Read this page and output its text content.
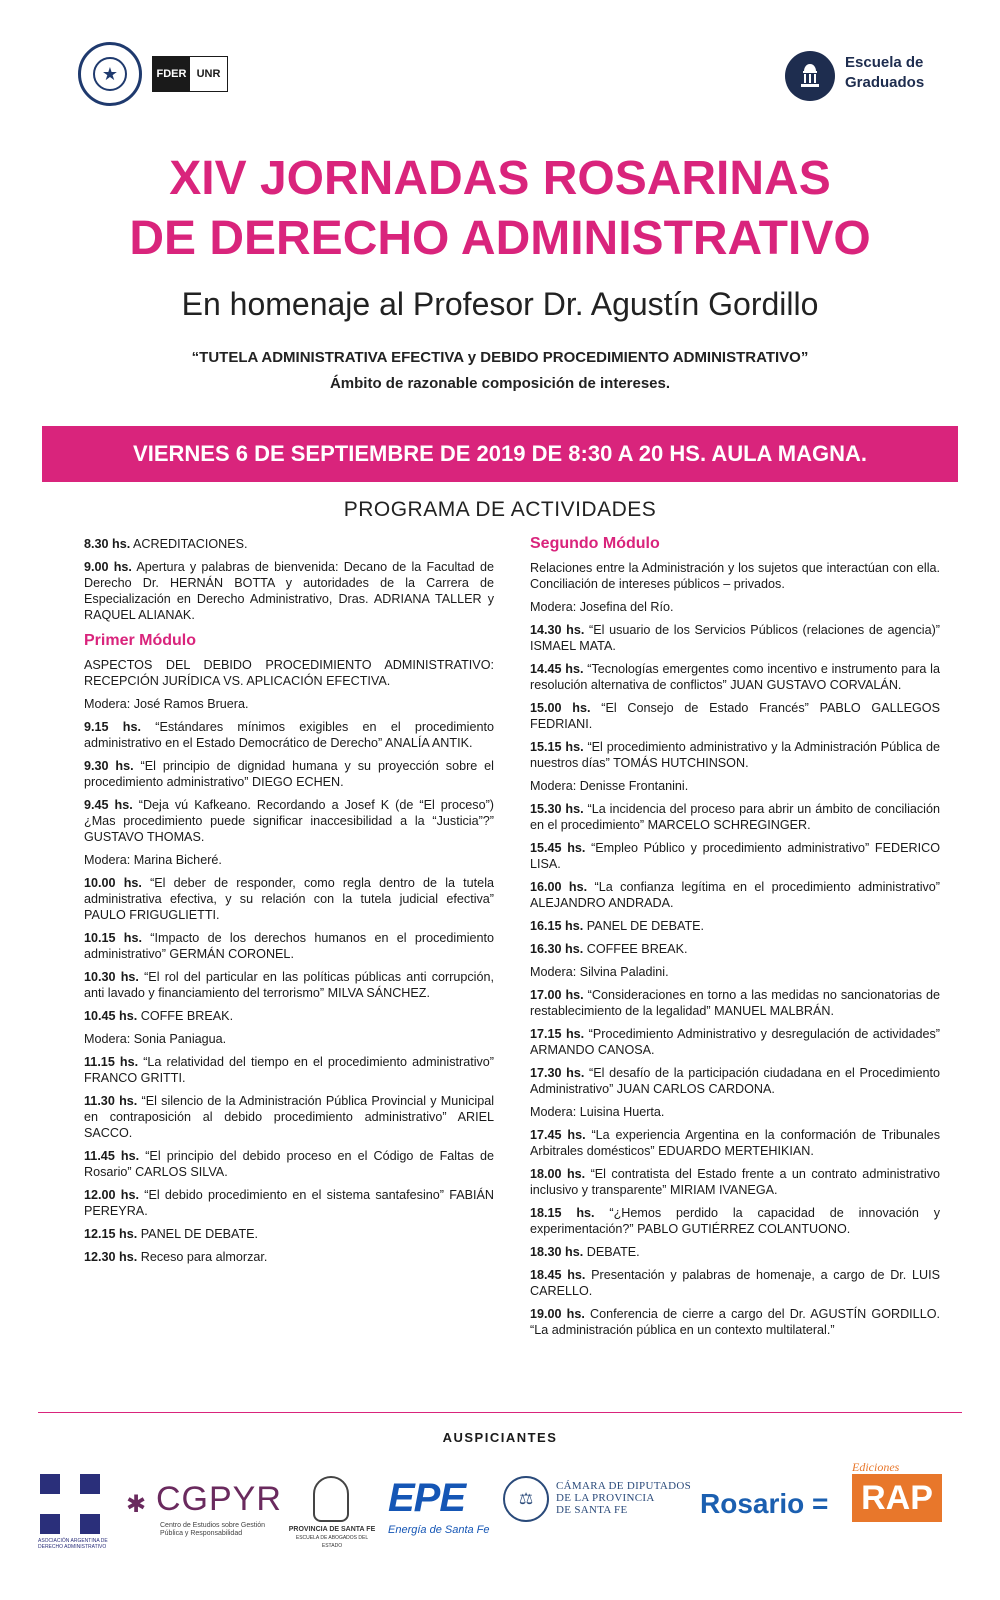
★	FDER UNR
Escuela de
Graduados
XIV JORNADAS ROSARINAS
DE DERECHO ADMINISTRATIVO
En homenaje al Profesor Dr. Agustín Gordillo
“TUTELA ADMINISTRATIVA EFECTIVA y DEBIDO PROCEDIMIENTO ADMINISTRATIVO”
Ámbito de razonable composición de intereses.
VIERNES 6 DE SEPTIEMBRE DE 2019 DE 8:30 A 20 HS. AULA MAGNA.
PROGRAMA DE ACTIVIDADES

8.30 hs. ACREDITACIONES.

9.00 hs. Apertura y palabras de bienvenida: Decano de la Facultad de Derecho Dr. HERNÁN BOTTA y autoridades de la Carrera de Especialización en Derecho Administrativo, Dras. ADRIANA TALLER y RAQUEL ALIANAK.

Primer Módulo

ASPECTOS DEL DEBIDO PROCEDIMIENTO ADMINISTRATIVO: RECEPCIÓN JURÍDICA VS. APLICACIÓN EFECTIVA.

Modera: José Ramos Bruera.

9.15 hs. “Estándares mínimos exigibles en el procedimiento administrativo en el Estado Democrático de Derecho” ANALÍA ANTIK.

9.30 hs. “El principio de dignidad humana y su proyección sobre el procedimiento administrativo” DIEGO ECHEN.

9.45 hs. “Deja vú Kafkeano. Recordando a Josef K (de “El proceso”) ¿Mas procedimiento puede significar inaccesibilidad a la “Justicia”?” GUSTAVO THOMAS.

Modera: Marina Bicheré.

10.00 hs. “El deber de responder, como regla dentro de la tutela administrativa efectiva, y su relación con la tutela judicial efectiva” PAULO FRIGUGLIETTI.

10.15 hs. “Impacto de los derechos humanos en el procedimiento administrativo” GERMÁN CORONEL.

10.30 hs. “El rol del particular en las políticas públicas anti corrupción, anti lavado y financiamiento del terrorismo” MILVA SÁNCHEZ.

10.45 hs. COFFE BREAK.

Modera: Sonia Paniagua.

11.15 hs. “La relatividad del tiempo en el procedimiento administrativo” FRANCO GRITTI.

11.30 hs. “El silencio de la Administración Pública Provincial y Municipal en contraposición al debido procedimiento administrativo” ARIEL SACCO.

11.45 hs. “El principio del debido proceso en el Código de Faltas de Rosario” CARLOS SILVA.

12.00 hs. “El debido procedimiento en el sistema santafesino” FABIÁN PEREYRA.

12.15 hs. PANEL DE DEBATE.

12.30 hs. Receso para almorzar.

Segundo Módulo

Relaciones entre la Administración y los sujetos que interactúan con ella. Conciliación de intereses públicos – privados.

Modera: Josefina del Río.

14.30 hs. “El usuario de los Servicios Públicos (relaciones de agencia)” ISMAEL MATA.

14.45 hs. “Tecnologías emergentes como incentivo e instrumento para la resolución alternativa de conflictos” JUAN GUSTAVO CORVALÁN.

15.00 hs. “El Consejo de Estado Francés” PABLO GALLEGOS FEDRIANI.

15.15 hs. “El procedimiento administrativo y la Administración Pública de nuestros días” TOMÁS HUTCHINSON.

Modera: Denisse Frontanini.

15.30 hs. “La incidencia del proceso para abrir un ámbito de conciliación en el procedimiento” MARCELO SCHREGINGER.

15.45 hs. “Empleo Público y procedimiento administrativo” FEDERICO LISA.

16.00 hs. “La confianza legítima en el procedimiento administrativo” ALEJANDRO ANDRADA.

16.15 hs. PANEL DE DEBATE.

16.30 hs. COFFEE BREAK.

Modera: Silvina Paladini.

17.00 hs. “Consideraciones en torno a las medidas no sancionatorias de restablecimiento de la legalidad” MANUEL MALBRÁN.

17.15 hs. “Procedimiento Administrativo y desregulación de actividades” ARMANDO CANOSA.

17.30 hs. “El desafío de la participación ciudadana en el Procedimiento Administrativo” JUAN CARLOS CARDONA.

Modera: Luisina Huerta.

17.45 hs. “La experiencia Argentina en la conformación de Tribunales Arbitrales domésticos” EDUARDO MERTEHIKIAN.

18.00 hs. “El contratista del Estado frente a un contrato administrativo inclusivo y transparente” MIRIAM IVANEGA.

18.15 hs. “¿Hemos perdido la capacidad de innovación y experimentación?” PABLO GUTIÉRREZ COLANTUONO.

18.30 hs. DEBATE.

18.45 hs. Presentación y palabras de homenaje, a cargo de Dr. LUIS CARELLO.

19.00 hs. Conferencia de cierre a cargo del Dr. AGUSTÍN GORDILLO. “La administración pública en un contexto multilateral.”

AUSPICIANTES
ASOCIACIÓN ARGENTINA DE DERECHO ADMINISTRATIVO
✱ CGPYR
Centro de Estudios sobre Gestión Pública y Responsabilidad
PROVINCIA DE SANTA FE
ESCUELA DE ABOGADOS DEL ESTADO
EPE
Energía de Santa Fe
⚖
CÁMARA DE DIPUTADOS
DE LA PROVINCIA
DE SANTA FE	Rosario =
Ediciones
RAP
